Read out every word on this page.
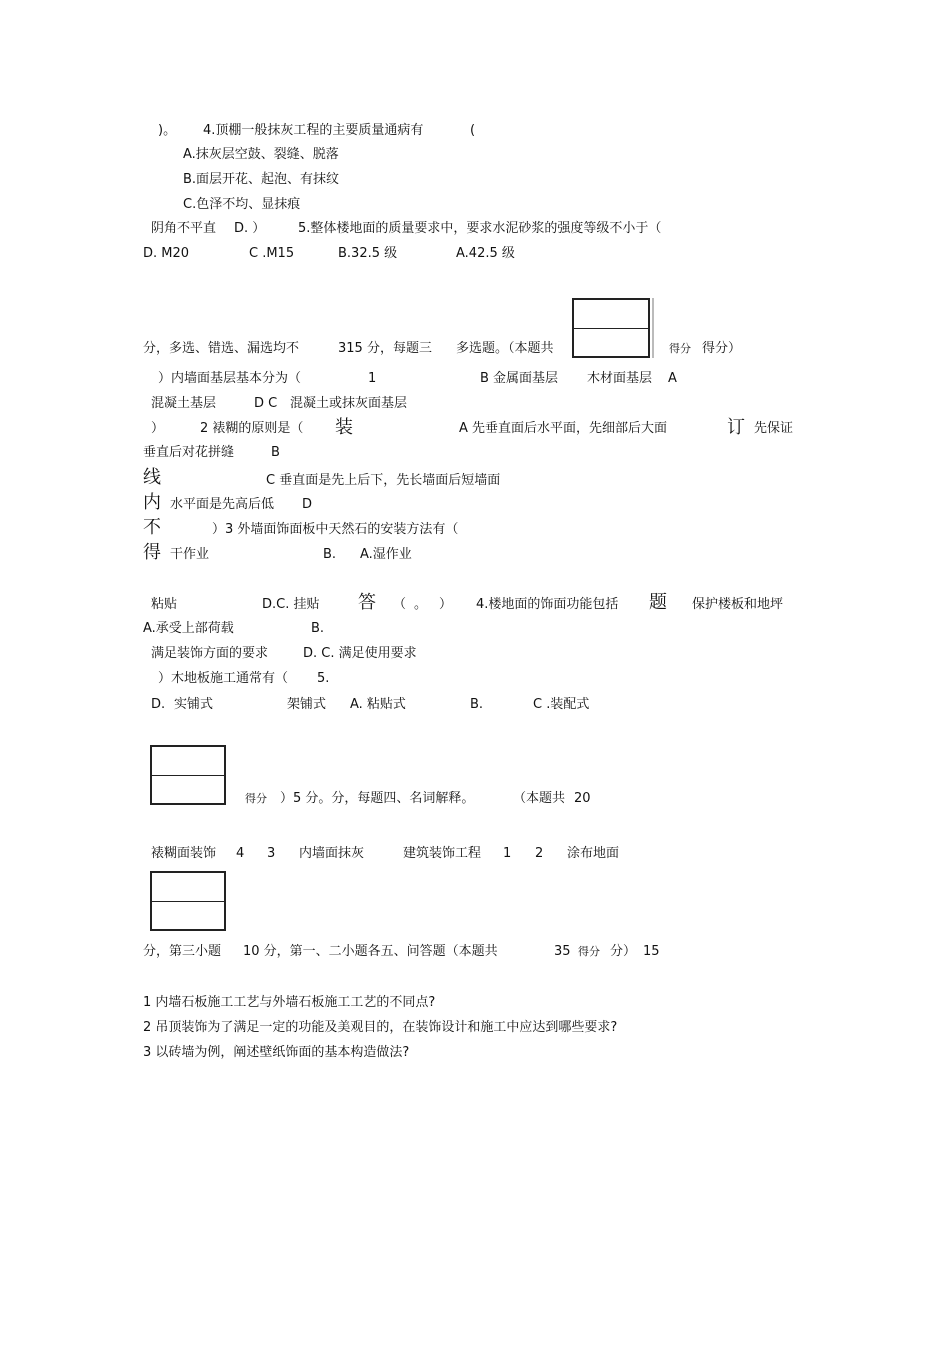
)。 4.顶棚一般抹灰工程的主要质量通病有	(
A.抹灰层空鼓、裂缝、脱落
B.面层开花、起泡、有抹纹
C.色泽不均、显抹痕
阴角不平直 D. ）	5.整体楼地面的质量要求中，要求水泥砂浆的强度等级不小于（
D. M20	C .M15	B.32.5 级	A.42.5 级
分，多选、错选、漏选均不	315 分，每题三 多选题。（本题共	得分 得分）
）内墙面基层基本分为（	1	B 金属面基层 木材面基层 A
混凝土基层	D C 混凝土或抹灰面基层
）	2 裱糊的原则是（ 装	A 先垂直面后水平面，先细部后大面	订 先保证
垂直后对花拼缝	B
线	C 垂直面是先上后下，先长墙面后短墙面
内 水平面是先高后低 D
不	）3 外墙面饰面板中天然石的安装方法有（
得 干作业	B. A.湿作业
粘贴	D.C. 挂贴 答 （ 。 ） 4.楼地面的饰面功能包括 题 保护楼板和地坪
A.承受上部荷载	B.
满足装饰方面的要求	D. C. 满足使用要求
）木地板施工通常有（ 5.
D. 实铺式	架铺式 A. 粘贴式	B.	C .装配式
得分 ）5 分。分，每题四、名词解释。	（本题共 20
裱糊面装饰 4 3 内墙面抹灰	建筑装饰工程 1 2 涂布地面
分，第三小题 10 分，第一、二小题各五、问答题（本题共	35 得分 分） 15
1 内墙石板施工工艺与外墙石板施工工艺的不同点?
2 吊顶装饰为了满足一定的功能及美观目的，在装饰设计和施工中应达到哪些要求?
3 以砖墙为例，阐述壁纸饰面的基本构造做法?
